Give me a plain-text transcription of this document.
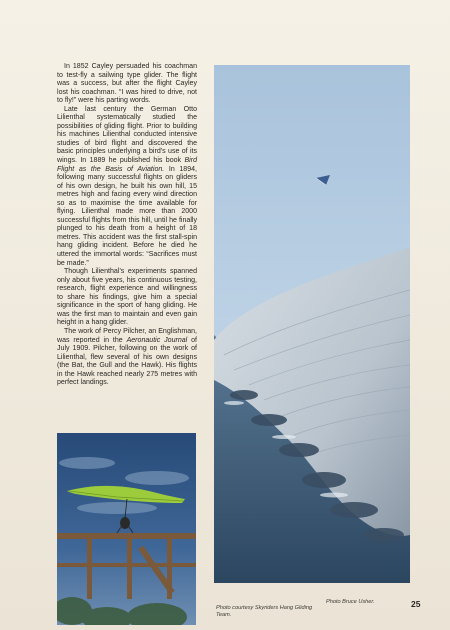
In 1852 Cayley persuaded his coachman to test-fly a sailwing type glider. The flight was a success, but after the flight Cayley lost his coachman. “I was hired to drive, not to fly!” were his parting words.

Late last century the German Otto Lilienthal systematically studied the possibilities of gliding flight. Prior to building his machines Lilienthal conducted intensive studies of bird flight and discovered the basic principles underlying a bird’s use of its wings. In 1889 he published his book Bird Flight as the Basis of Aviation. In 1894, following many successful flights on gliders of his own design, he built his own hill, 15 metres high and facing every wind direction so as to maximise the time available for flying. Lilienthal made more than 2000 successful flights from this hill, until he finally plunged to his death from a height of 18 metres. This accident was the first stall-spin hang gliding incident. Before he died he uttered the immortal words: “Sacrifices must be made.”

Though Lilienthal’s experiments spanned only about five years, his continuous testing, research, flight experience and willingness to share his findings, give him a special significance in the sport of hang gliding. He was the first man to maintain and even gain height in a hang glider.

The work of Percy Pilcher, an Englishman, was reported in the Aeronautic Journal of July 1909. Pilcher, following on the work of Lilienthal, flew several of his own designs (the Bat, the Gull and the Hawk). His flights in the Hawk reached nearly 275 metres with perfect landings.

Photo courtesy Skyriders Hang Gliding Team.
Photo Bruce Usher.	25
